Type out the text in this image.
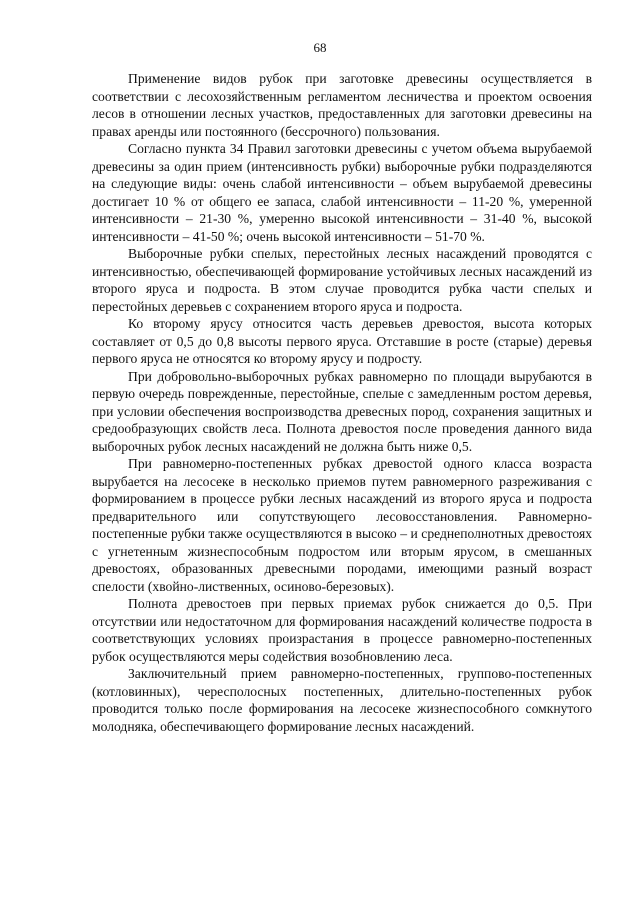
68

Применение видов рубок при заготовке древесины осуществляется в соответствии с лесохозяйственным регламентом лесничества и проектом освоения лесов в отношении лесных участков, предоставленных для заготовки древесины на правах аренды или постоянного (бессрочного) пользования.

Согласно пункта 34 Правил заготовки древесины с учетом объема вырубаемой древесины за один прием (интенсивность рубки) выборочные рубки подразделяются на следующие виды: очень слабой интенсивности – объем вырубаемой древесины достигает 10 % от общего ее запаса, слабой интенсивности – 11-20 %, умеренной интенсивности – 21-30 %, умеренно высокой интенсивности – 31-40 %, высокой интенсивности – 41-50 %; очень высокой интенсивности – 51-70 %.

Выборочные рубки спелых, перестойных лесных насаждений проводятся с интенсивностью, обеспечивающей формирование устойчивых лесных насаждений из второго яруса и подроста. В этом случае проводится рубка части спелых и перестойных деревьев с сохранением второго яруса и подроста.

Ко второму ярусу относится часть деревьев древостоя, высота которых составляет от 0,5 до 0,8 высоты первого яруса. Отставшие в росте (старые) деревья первого яруса не относятся ко второму ярусу и подросту.

При добровольно-выборочных рубках равномерно по площади вырубаются в первую очередь поврежденные, перестойные, спелые с замедленным ростом деревья, при условии обеспечения воспроизводства древесных пород, сохранения защитных и средообразующих свойств леса. Полнота древостоя после проведения данного вида выборочных рубок лесных насаждений не должна быть ниже 0,5.

При равномерно-постепенных рубках древостой одного класса возраста вырубается на лесосеке в несколько приемов путем равномерного разреживания с формированием в процессе рубки лесных насаждений из второго яруса и подроста предварительного или сопутствующего лесовосстановления. Равномерно-постепенные рубки также осуществляются в высоко – и среднеполнотных древостоях с угнетенным жизнеспособным подростом или вторым ярусом, в смешанных древостоях, образованных древесными породами, имеющими разный возраст спелости (хвойно-лиственных, осиново-березовых).

Полнота древостоев при первых приемах рубок снижается до 0,5. При отсутствии или недостаточном для формирования насаждений количестве подроста в соответствующих условиях произрастания в процессе равномерно-постепенных рубок осуществляются меры содействия возобновлению леса.

Заключительный прием равномерно-постепенных, группово-постепенных (котловинных), чересполосных постепенных, длительно-постепенных рубок проводится только после формирования на лесосеке жизнеспособного сомкнутого молодняка, обеспечивающего формирование лесных насаждений.
